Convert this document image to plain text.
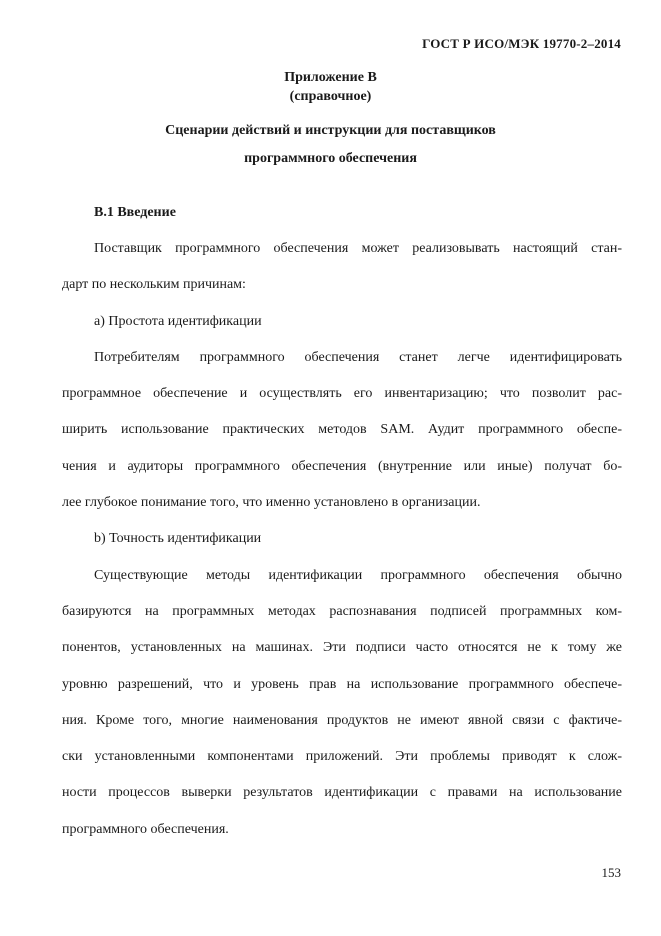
ГОСТ Р ИСО/МЭК 19770-2–2014
Приложение В
(справочное)
Сценарии действий и инструкции для поставщиков
программного обеспечения
В.1 Введение
Поставщик программного обеспечения может реализовывать настоящий стан-
дарт по нескольким причинам:
a) Простота идентификации
Потребителям программного обеспечения станет легче идентифицировать
программное обеспечение и осуществлять его инвентаризацию; что позволит рас-
ширить использование практических методов SAM. Аудит программного обеспе-
чения и аудиторы программного обеспечения (внутренние или иные) получат бо-
лее глубокое понимание того, что именно установлено в организации.
b) Точность идентификации
Существующие методы идентификации программного обеспечения обычно
базируются на программных методах распознавания подписей программных ком-
понентов, установленных на машинах. Эти подписи часто относятся не к тому же
уровню разрешений, что и уровень прав на использование программного обеспече-
ния. Кроме того, многие наименования продуктов не имеют явной связи с фактиче-
ски установленными компонентами приложений. Эти проблемы приводят к слож-
ности процессов выверки результатов идентификации с правами на использование
программного обеспечения.
153
